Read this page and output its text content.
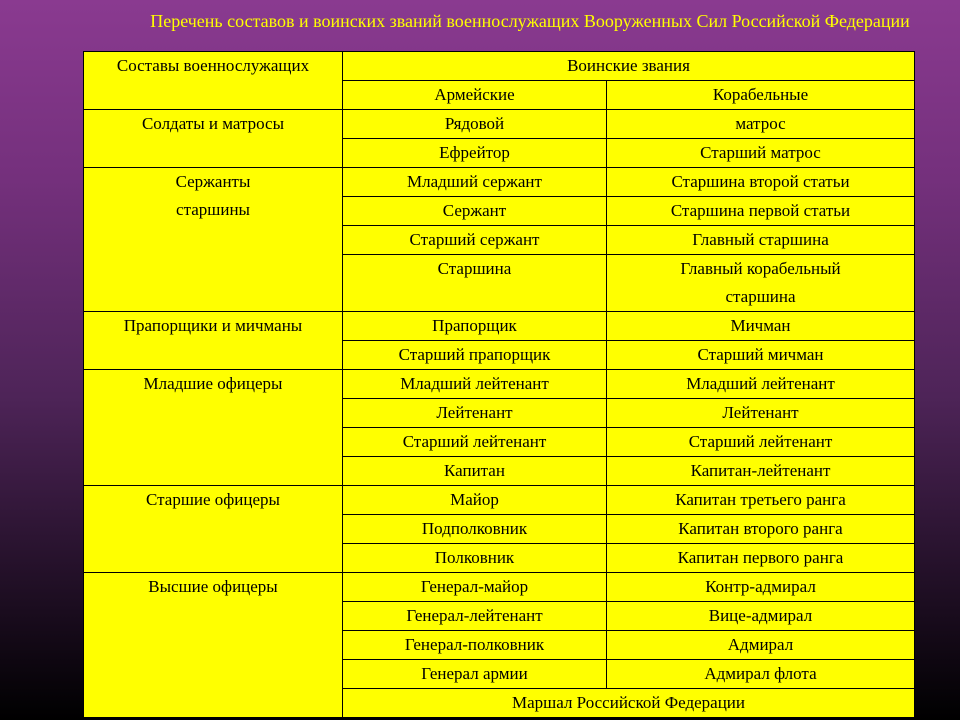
Перечень составов и воинских званий военнослужащих Вооруженных Сил Российской Федерации
Составы военнослужащих	Воинские звания	
	Армейские	Корабельные
Солдаты и матросы	Рядовой	матрос
	Ефрейтор	Старший матрос

Сержанты
старшины	Младший сержант	Старшина второй статьи
	Сержант	Старшина первой статьи
	Старший сержант	Главный старшина
	Старшина	Главный корабельный
старшина

Прапорщики и мичманы	Прапорщик	Мичман
	Старший прапорщик	Старший мичман
Младшие офицеры	Младший лейтенант	Младший лейтенант
	Лейтенант	Лейтенант
	Старший лейтенант	Старший лейтенант
	Капитан	Капитан-лейтенант
Старшие офицеры	Майор	Капитан третьего ранга
	Подполковник	Капитан второго ранга
	Полковник	Капитан первого ранга
Высшие офицеры	Генерал-майор	Контр-адмирал
	Генерал-лейтенант	Вице-адмирал
	Генерал-полковник	Адмирал
	Генерал армии	Адмирал флота
	Маршал Российской Федерации	
